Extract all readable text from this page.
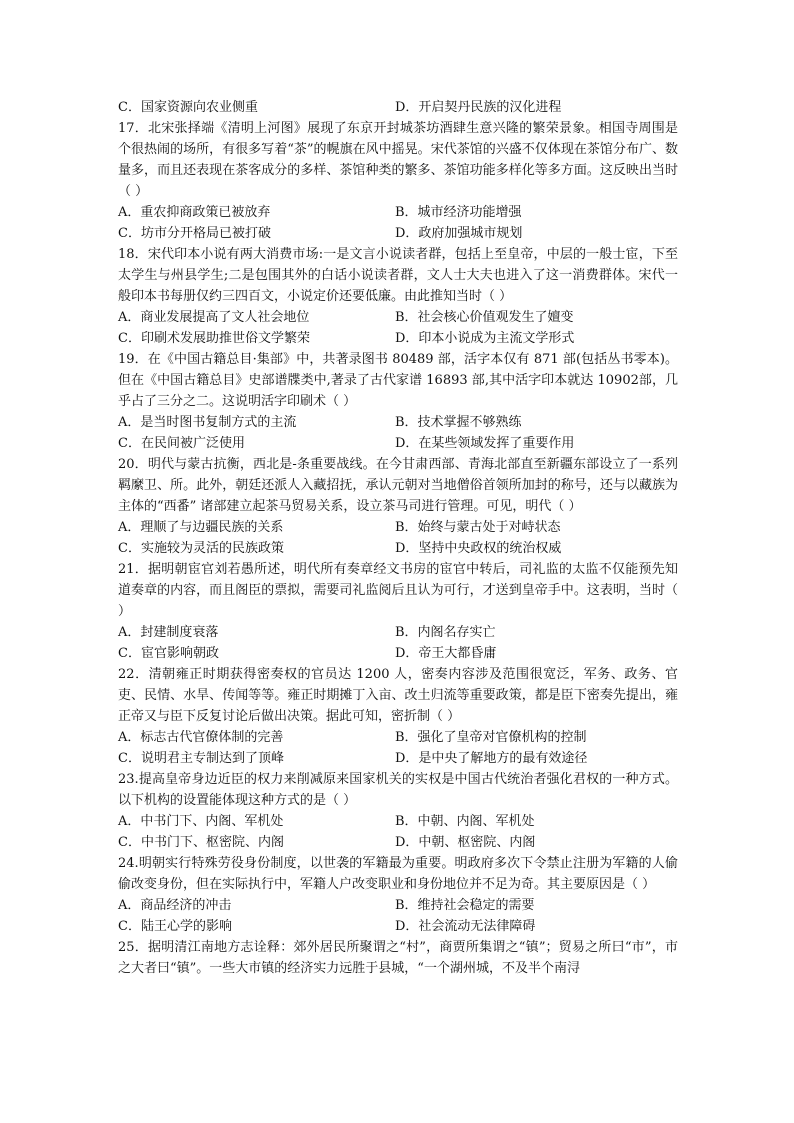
C．国家资源向农业侧重	D．开启契丹民族的汉化进程
17．北宋张择端《清明上河图》展现了东京开封城茶坊酒肆生意兴隆的繁荣景象。相国寺周围是个很热闹的场所，有很多写着“茶”的幌旗在风中摇晃。宋代茶馆的兴盛不仅体现在茶馆分布广、数量多，而且还表现在茶客成分的多样、茶馆种类的繁多、茶馆功能多样化等多方面。这反映出当时（ ）
A．重农抑商政策已被放弃	B．城市经济功能增强
C．坊市分开格局已被打破	D．政府加强城市规划
18．宋代印本小说有两大消费市场:一是文言小说读者群，包括上至皇帝，中层的一般士宦，下至太学生与州县学生;二是包围其外的白话小说读者群，文人士大夫也进入了这一消费群体。宋代一般印本书每册仅约三四百文，小说定价还要低廉。由此推知当时（ ）
A．商业发展提高了文人社会地位	B．社会核心价值观发生了嬗变
C．印刷术发展助推世俗文学繁荣	D．印本小说成为主流文学形式
19．在《中国古籍总目·集部》中，共著录图书 80489 部，活字本仅有 871 部(包括丛书零本)。但在《中国古籍总目》史部谱牒类中,著录了古代家谱 16893 部,其中活字印本就达 10902部，几乎占了三分之二。这说明活字印刷术（ ）
A．是当时图书复制方式的主流	B．技术掌握不够熟练
C．在民间被广泛使用	D．在某些领域发挥了重要作用
20．明代与蒙古抗衡，西北是-条重要战线。在今甘肃西部、青海北部直至新疆东部设立了一系列羁縻卫、所。此外，朝廷还派人入藏招抚，承认元朝对当地僧俗首领所加封的称号，还与以藏族为主体的“西番” 诸部建立起茶马贸易关系，设立茶马司进行管理。可见，明代（ ）
A．理顺了与边疆民族的关系	B．始终与蒙古处于对峙状态
C．实施较为灵活的民族政策	D．坚持中央政权的统治权威
21．据明朝宦官刘若愚所述，明代所有奏章经文书房的宦官中转后，司礼监的太监不仅能预先知道奏章的内容，而且阁臣的票拟，需要司礼监阅后且认为可行，才送到皇帝手中。这表明，当时（ ）
A．封建制度衰落	B．内阁名存实亡
C．宦官影响朝政	D．帝王大都昏庸
22．清朝雍正时期获得密奏权的官员达 1200 人，密奏内容涉及范围很宽泛，军务、政务、官吏、民情、水旱、传闻等等。雍正时期摊丁入亩、改土归流等重要政策，都是臣下密奏先提出，雍正帝又与臣下反复讨论后做出决策。据此可知，密折制（ ）
A．标志古代官僚体制的完善	B．强化了皇帝对官僚机构的控制
C．说明君主专制达到了顶峰	D．是中央了解地方的最有效途径
23.提高皇帝身边近臣的权力来削减原来国家机关的实权是中国古代统治者强化君权的一种方式。以下机构的设置能体现这种方式的是（ ）
A．中书门下、内阁、军机处	B．中朝、内阁、军机处
C．中书门下、枢密院、内阁	D．中朝、枢密院、内阁
24.明朝实行特殊劳役身份制度，以世袭的军籍最为重要。明政府多次下令禁止注册为军籍的人偷偷改变身份，但在实际执行中，军籍人户改变职业和身份地位并不足为奇。其主要原因是（ ）
A．商品经济的冲击	B．维持社会稳定的需要
C．陆王心学的影响	D．社会流动无法律障碍
25．据明清江南地方志诠释：郊外居民所聚谓之“村”，商贾所集谓之“镇”；贸易之所曰“市”，市之大者曰“镇”。一些大市镇的经济实力远胜于县城，“一个湖州城，不及半个南浔
